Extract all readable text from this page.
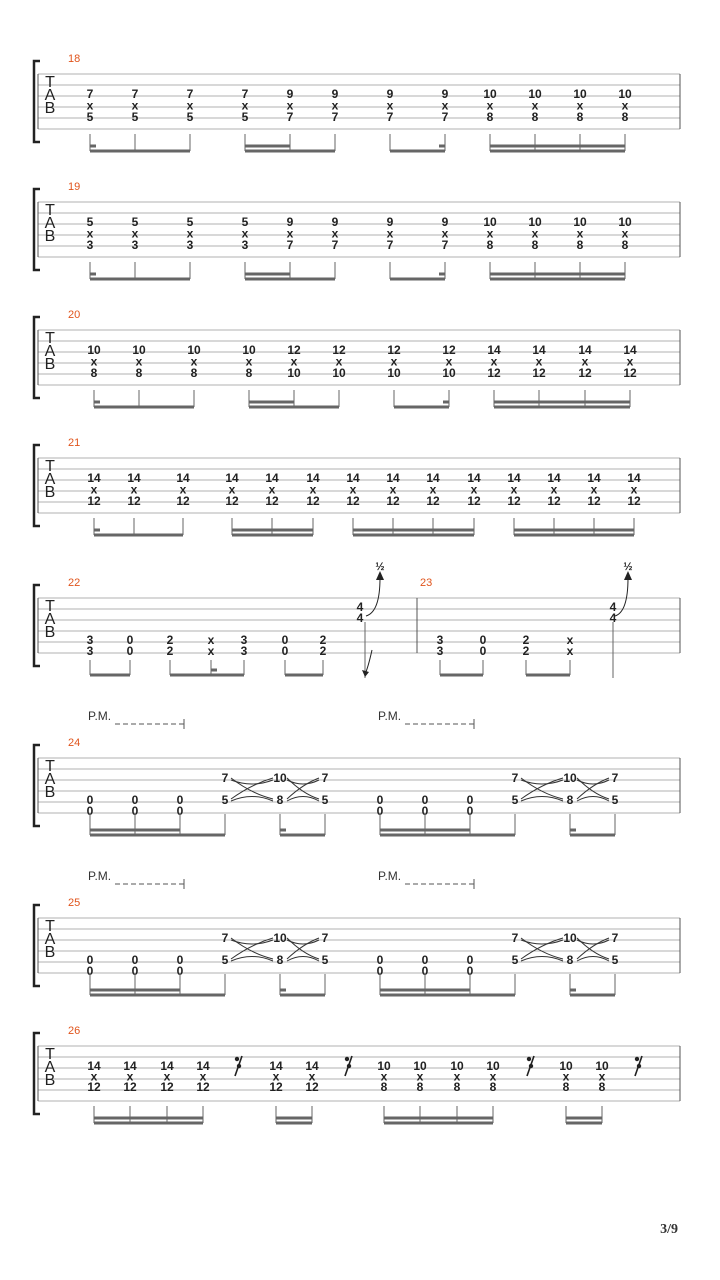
T
A
B
18
7
x
5
7
x
5
7
x
5
7
x
5
9
x
7
9
x
7
9
x
7
9
x
7
10
x
8
10
x
8
10
x
8
10
x
8
T
A
B
19
5
x
3
5
x
3
5
x
3
5
x
3
9
x
7
9
x
7
9
x
7
9
x
7
10
x
8
10
x
8
10
x
8
10
x
8
T
A
B
20
10
x
8
10
x
8
10
x
8
10
x
8
12
x
10
12
x
10
12
x
10
12
x
10
14
x
12
14
x
12
14
x
12
14
x
12
T
A
B
21
14
x
12
14
x
12
14
x
12
14
x
12
14
x
12
14
x
12
14
x
12
14
x
12
14
x
12
14
x
12
14
x
12
14
x
12
14
x
12
14
x
12
T
A
B
22	23
3
3
0
0
2
2
x
x
3
3
0
0
2
2
4
4
½
3
3
0
0
2
2
x
x
4
4
½
T
A
B
24
P.M.
0
0
0
0
0
0
7
5
10
8
7
5
P.M.
0
0
0
0
0
0
7
5
10
8
7
5
T
A
B
25
P.M.
0
0
0
0
0
0
7
5
10
8
7
5
P.M.
0
0
0
0
0
0
7
5
10
8
7
5
T
A
B
26
14
x
12
14
x
12
14
x
12
14
x
12
14
x
12
14
x
12
10
x
8
10
x
8
10
x
8
10
x
8
10
x
8
10
x
8
3/9
